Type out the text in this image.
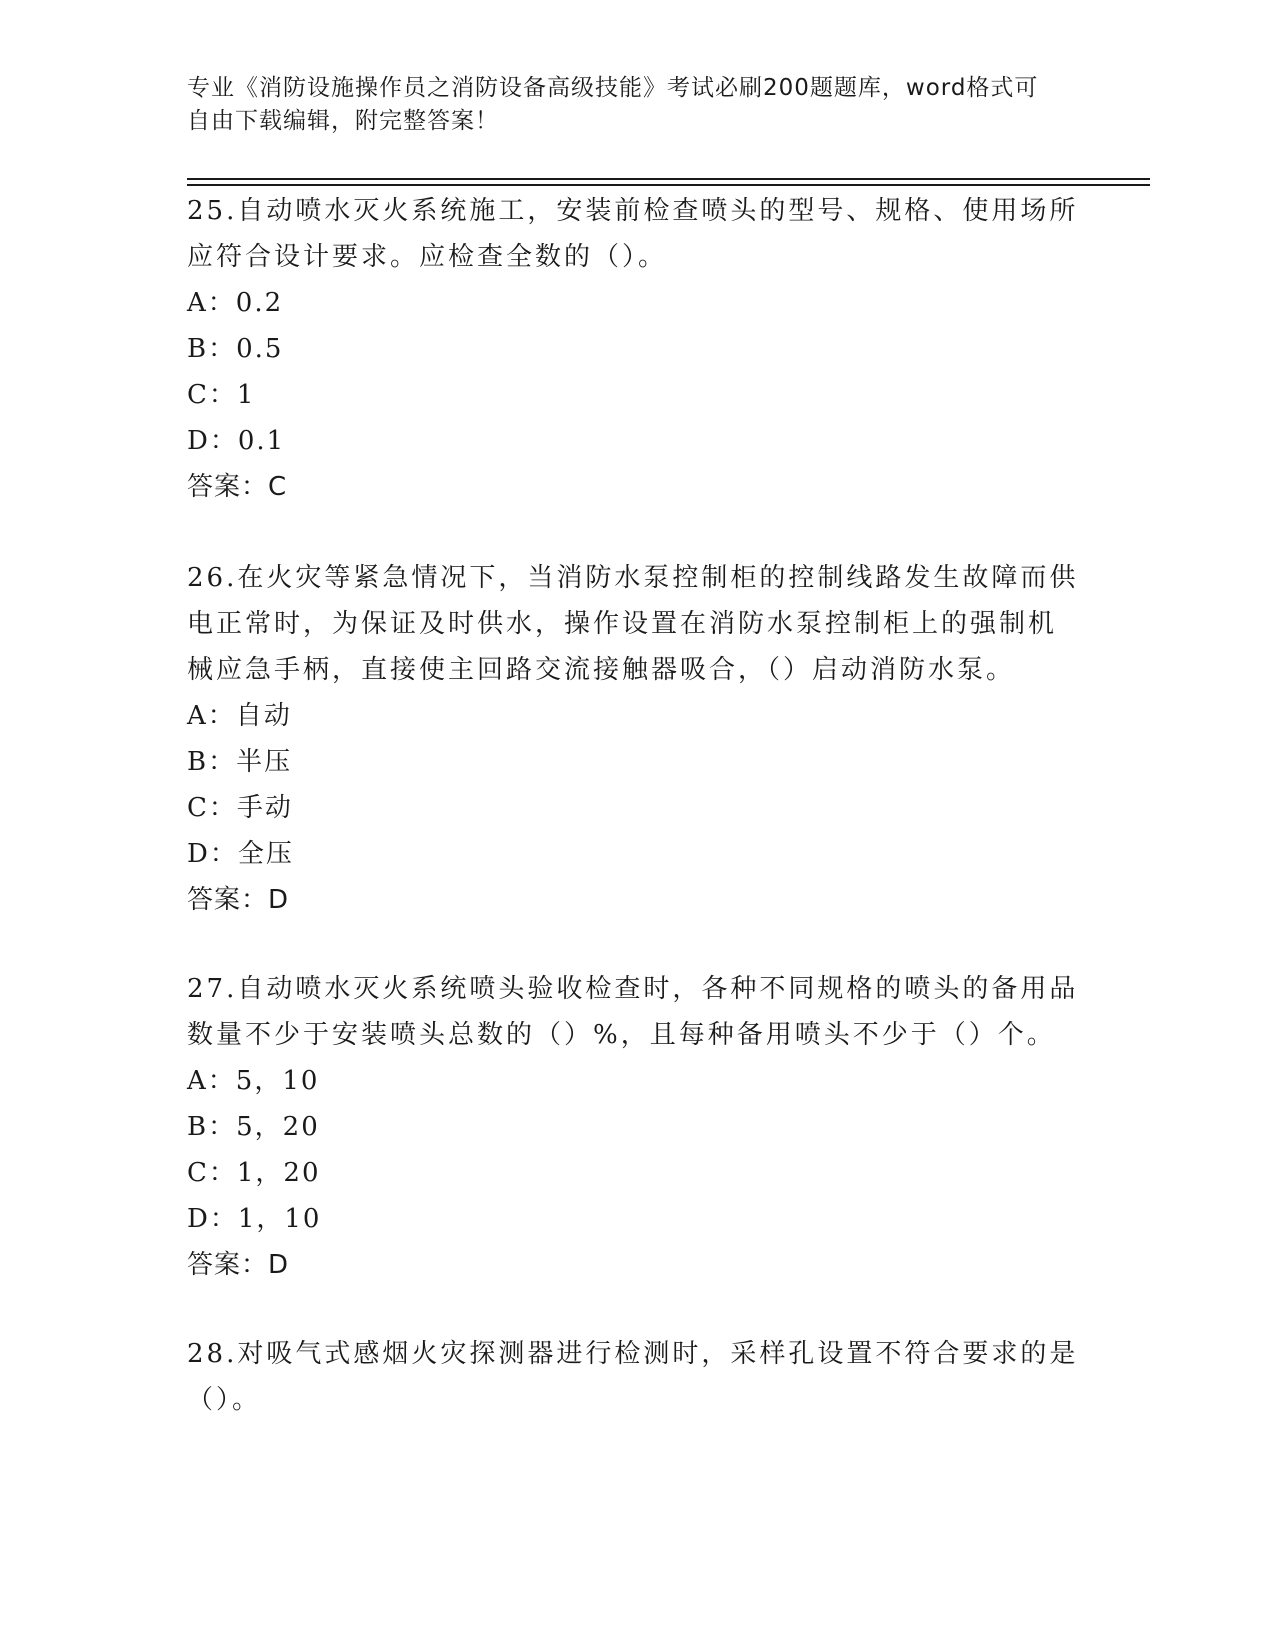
专业《消防设施操作员之消防设备高级技能》考试必刷200题题库，word格式可
自由下载编辑，附完整答案！
25.自动喷水灭火系统施工，安装前检查喷头的型号、规格、使用场所
应符合设计要求。应检查全数的（）。
A：0.2
B：0.5
C：1
D：0.1
答案：C
26.在火灾等紧急情况下，当消防水泵控制柜的控制线路发生故障而供
电正常时，为保证及时供水，操作设置在消防水泵控制柜上的强制机
械应急手柄，直接使主回路交流接触器吸合，（）启动消防水泵。
A：自动
B：半压
C：手动
D：全压
答案：D
27.自动喷水灭火系统喷头验收检查时，各种不同规格的喷头的备用品
数量不少于安装喷头总数的（）%，且每种备用喷头不少于（）个。
A：5，10
B：5，20
C：1，20
D：1，10
答案：D
28.对吸气式感烟火灾探测器进行检测时，采样孔设置不符合要求的是
（）。
